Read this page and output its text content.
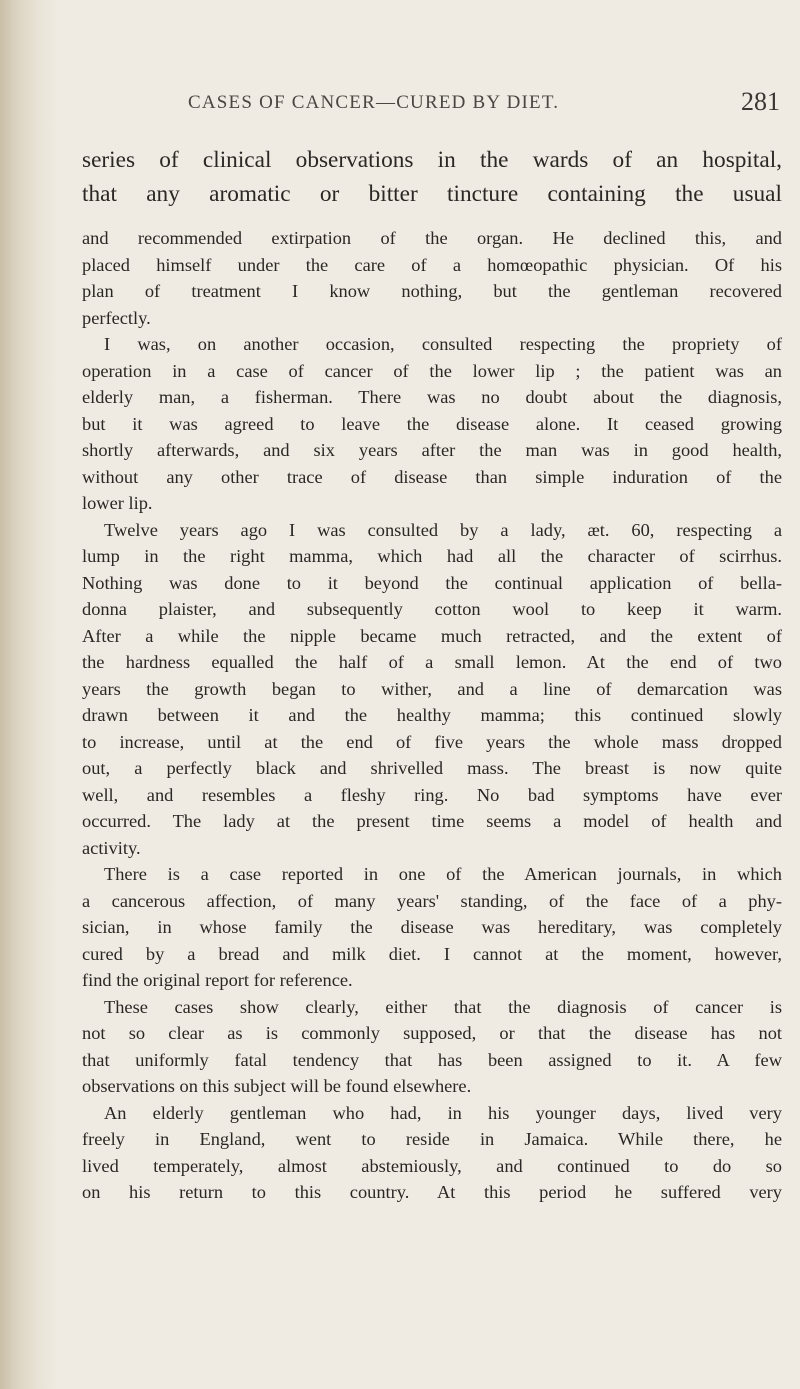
CASES OF CANCER—CURED BY DIET.	281
series of clinical observations in the wards of an hospital,
that any aromatic or bitter tincture containing the usual
and recommended extirpation of the organ. He declined this, and
placed himself under the care of a homœopathic physician. Of his
plan of treatment I know nothing, but the gentleman recovered
perfectly.
I was, on another occasion, consulted respecting the propriety of
operation in a case of cancer of the lower lip ; the patient was an
elderly man, a fisherman. There was no doubt about the diagnosis,
but it was agreed to leave the disease alone. It ceased growing
shortly afterwards, and six years after the man was in good health,
without any other trace of disease than simple induration of the
lower lip.
Twelve years ago I was consulted by a lady, æt. 60, respecting a
lump in the right mamma, which had all the character of scirrhus.
Nothing was done to it beyond the continual application of bella-
donna plaister, and subsequently cotton wool to keep it warm.
After a while the nipple became much retracted, and the extent of
the hardness equalled the half of a small lemon. At the end of two
years the growth began to wither, and a line of demarcation was
drawn between it and the healthy mamma; this continued slowly
to increase, until at the end of five years the whole mass dropped
out, a perfectly black and shrivelled mass. The breast is now quite
well, and resembles a fleshy ring. No bad symptoms have ever
occurred. The lady at the present time seems a model of health and
activity.
There is a case reported in one of the American journals, in which
a cancerous affection, of many years' standing, of the face of a phy-
sician, in whose family the disease was hereditary, was completely
cured by a bread and milk diet. I cannot at the moment, however,
find the original report for reference.
These cases show clearly, either that the diagnosis of cancer is
not so clear as is commonly supposed, or that the disease has not
that uniformly fatal tendency that has been assigned to it. A few
observations on this subject will be found elsewhere.
An elderly gentleman who had, in his younger days, lived very
freely in England, went to reside in Jamaica. While there, he
lived temperately, almost abstemiously, and continued to do so
on his return to this country. At this period he suffered very
